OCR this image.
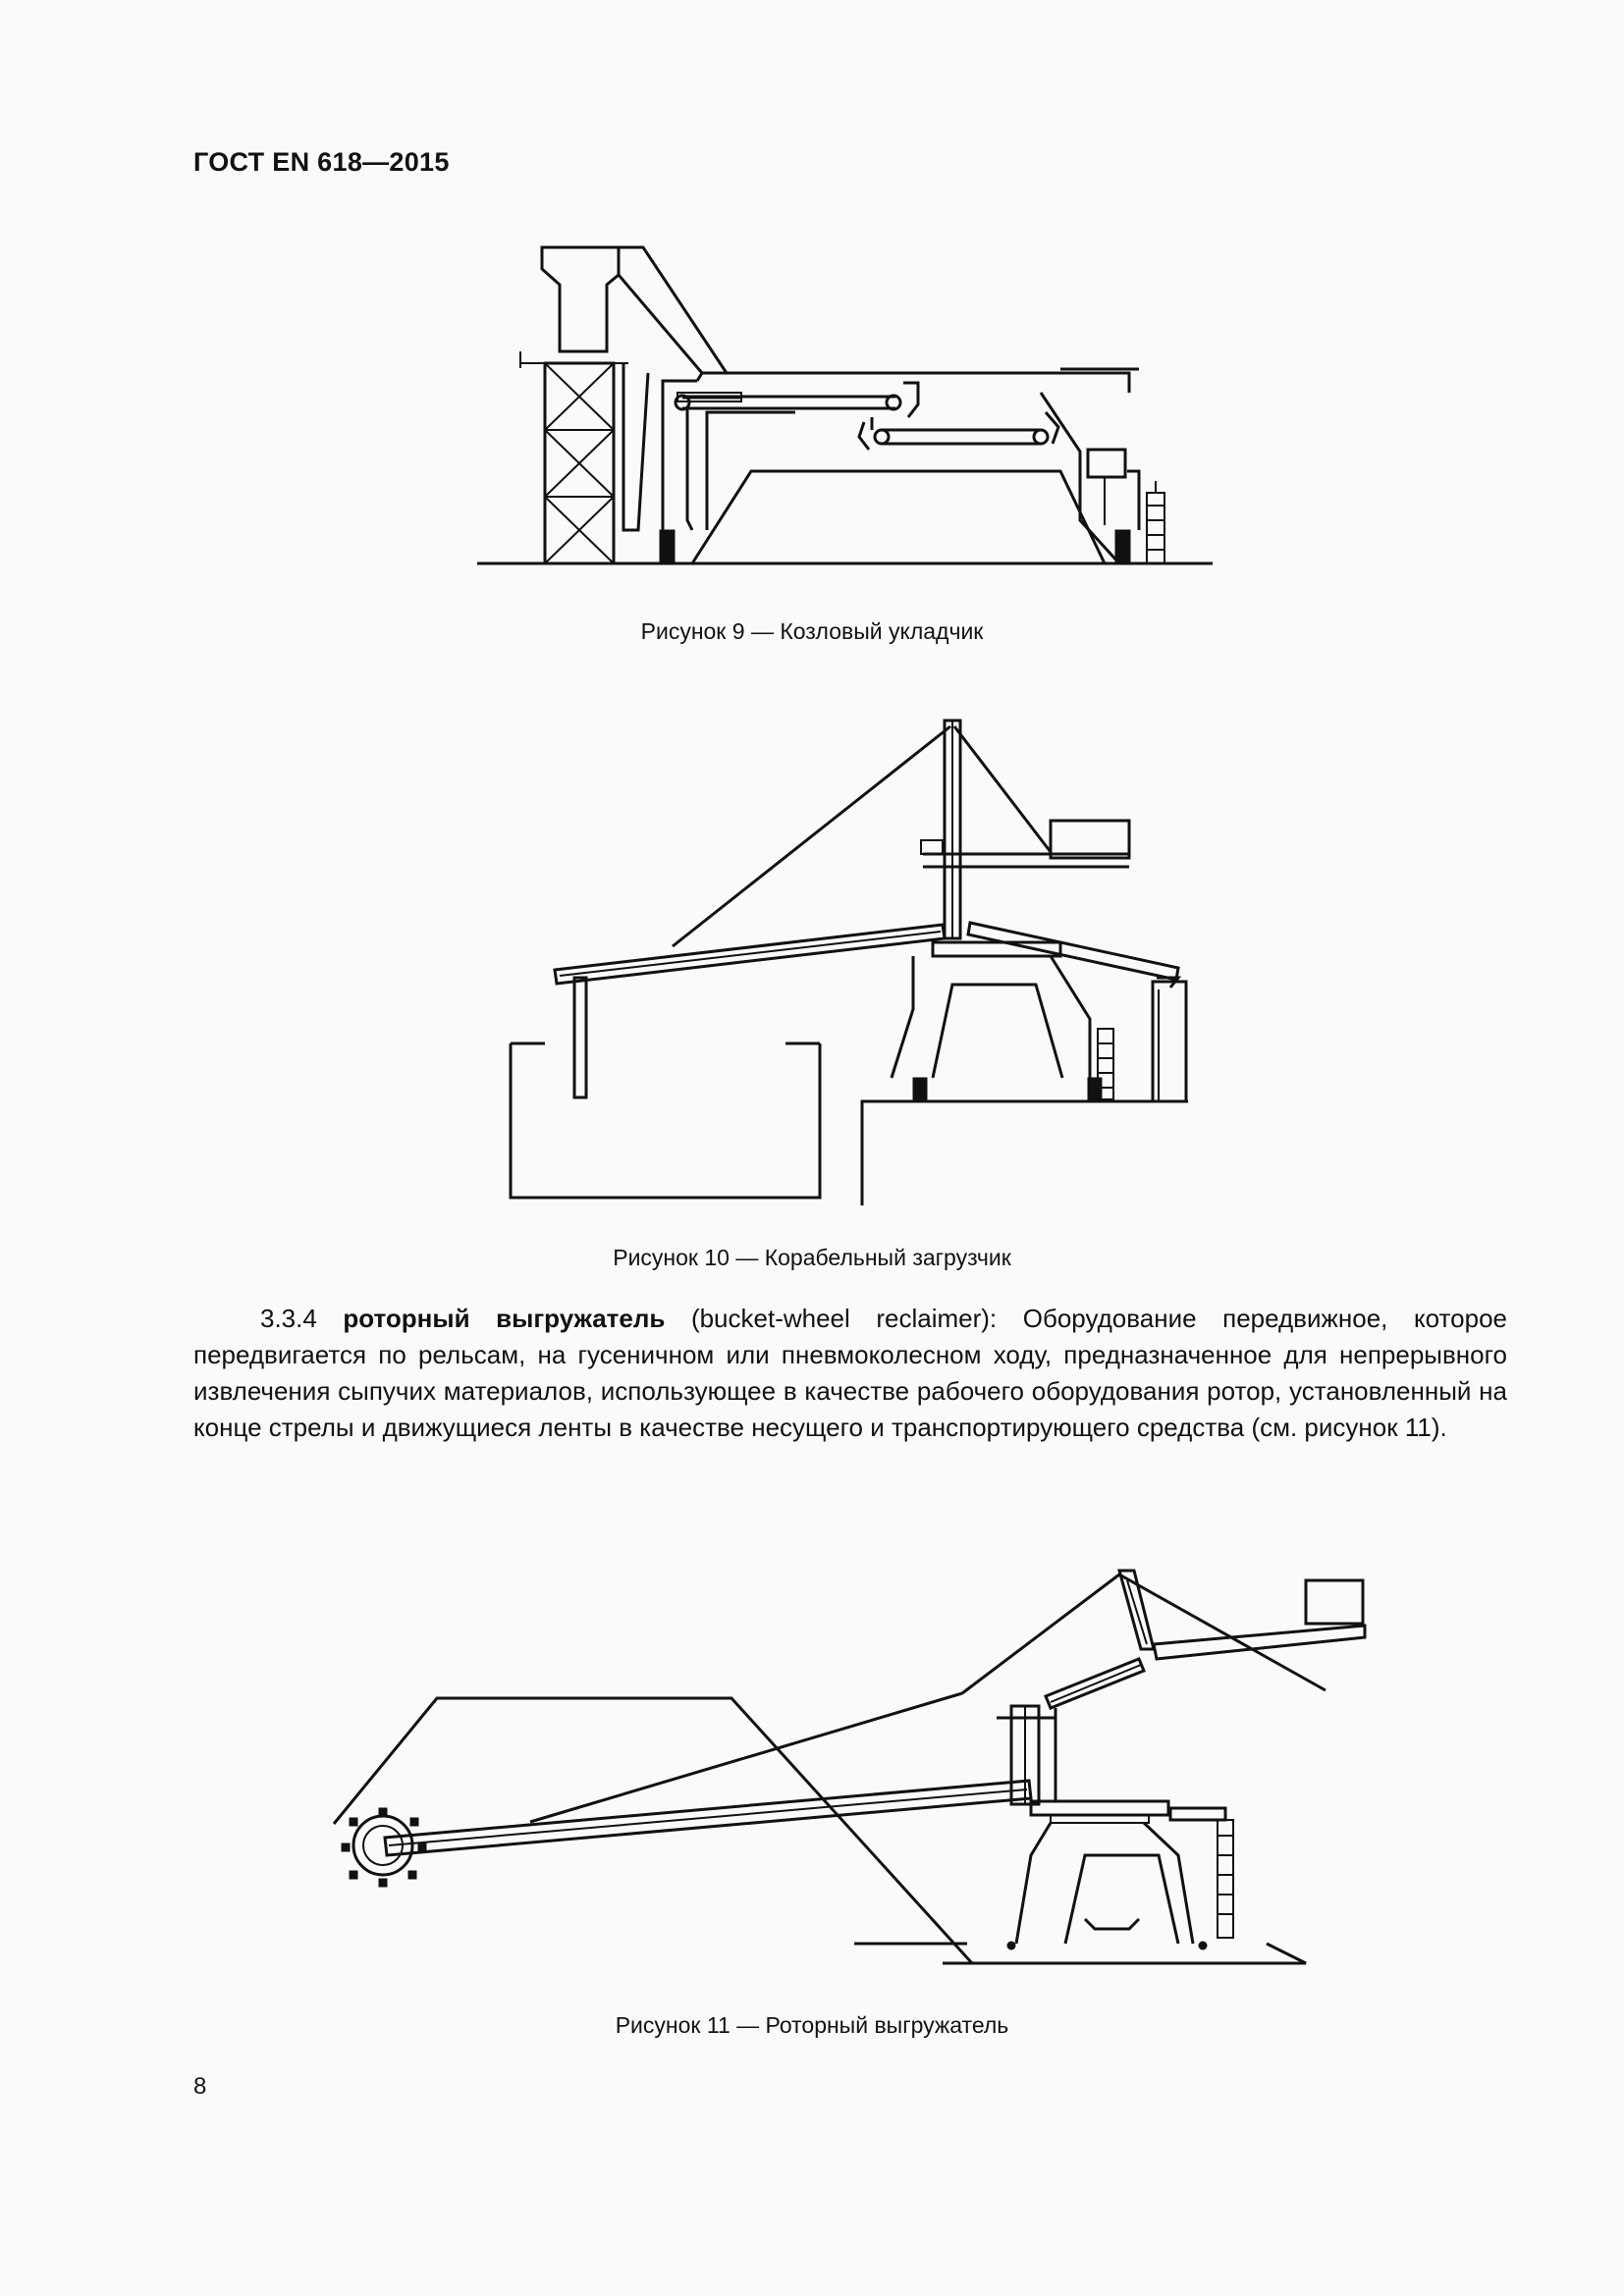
ГОСТ EN 618—2015
Рисунок 9 — Козловый укладчик
Рисунок 10 — Корабельный загрузчик
3.3.4 роторный выгружатель (bucket-wheel reclaimer): Оборудование передвижное, которое передвигается по рельсам, на гусеничном или пневмоколесном ходу, предназначенное для непрерывного извлечения сыпучих материалов, использующее в качестве рабочего оборудования ротор, установленный на конце стрелы и движущиеся ленты в качестве несущего и транспортирующего средства (см. рисунок 11).
Рисунок 11 — Роторный выгружатель
8
